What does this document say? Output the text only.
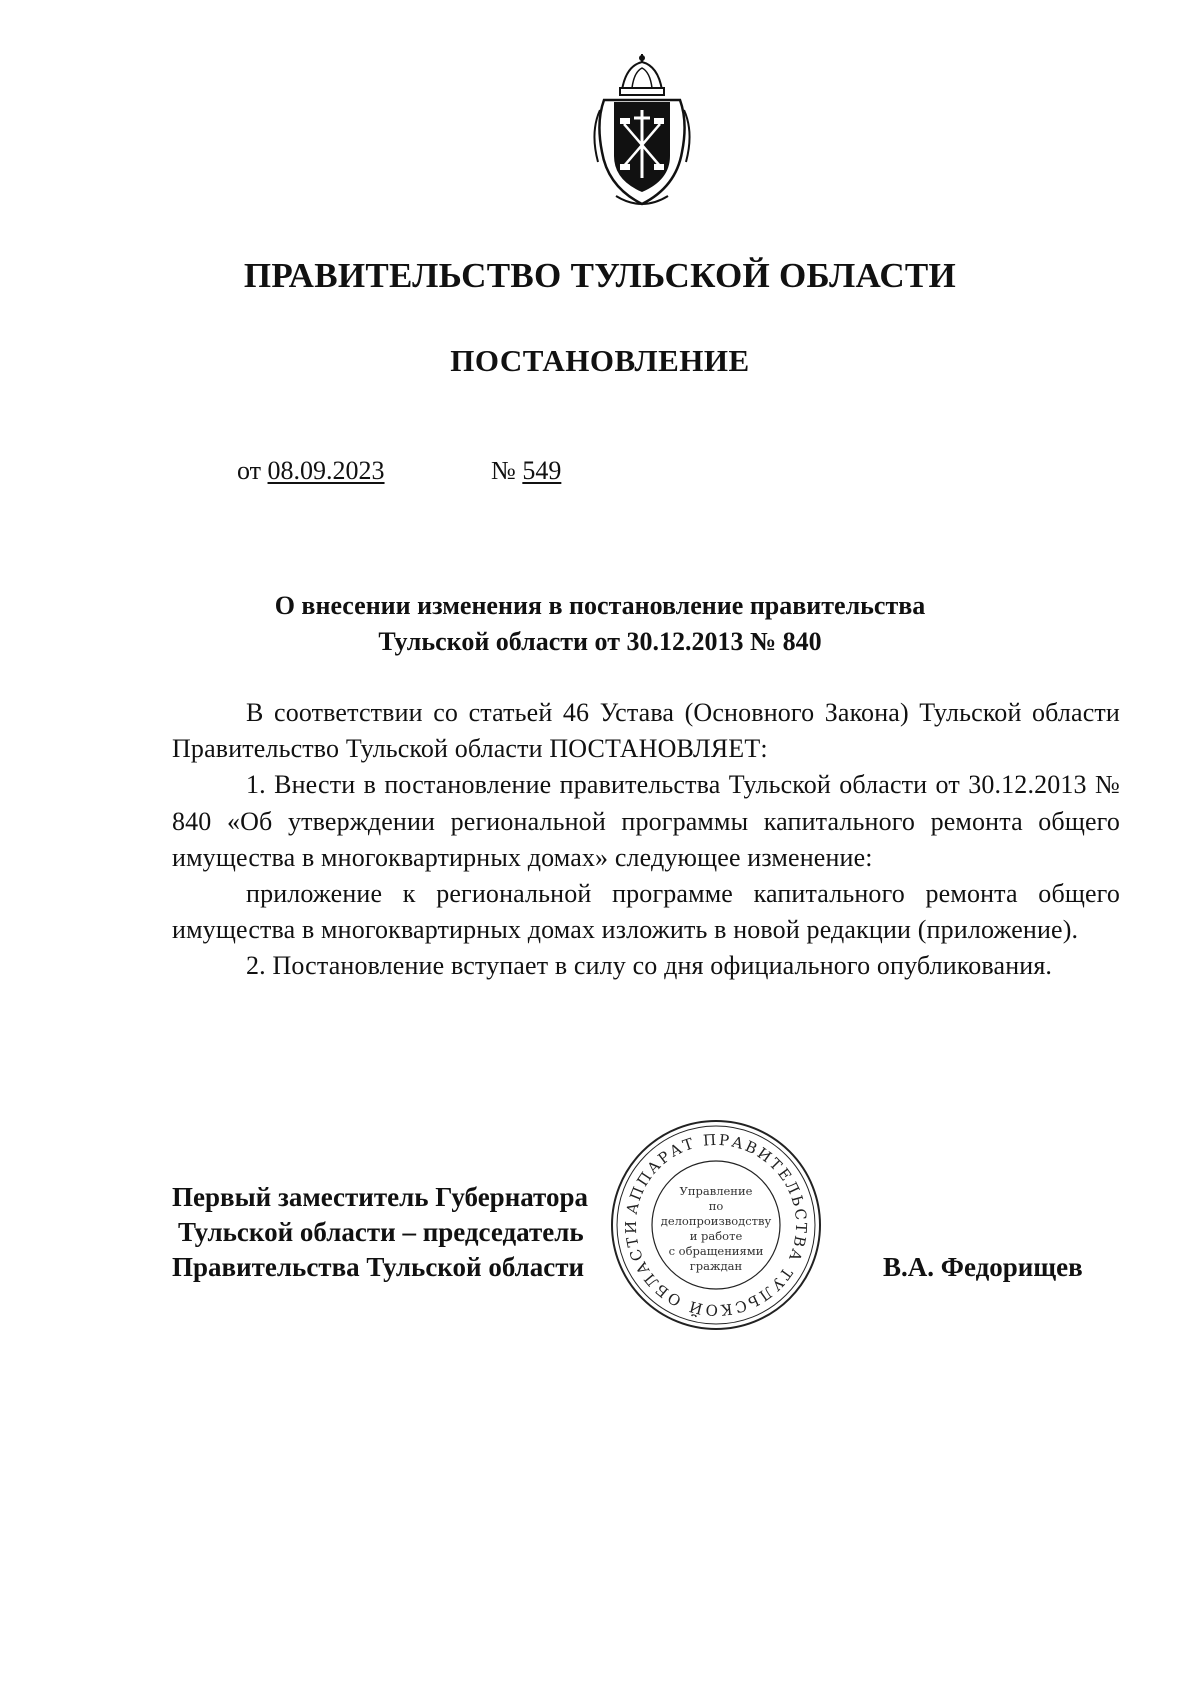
ПРАВИТЕЛЬСТВО ТУЛЬСКОЙ ОБЛАСТИ
ПОСТАНОВЛЕНИЕ
от 08.09.2023	№ 549
О внесении изменения в постановление правительства
Тульской области от 30.12.2013 № 840

В соответствии со статьей 46 Устава (Основного Закона) Тульской области Правительство Тульской области ПОСТАНОВЛЯЕТ:

1. Внести в постановление правительства Тульской области от 30.12.2013 № 840 «Об утверждении региональной программы капитального ремонта общего имущества в многоквартирных домах» следующее изменение:

приложение к региональной программе капитального ремонта общего имущества в многоквартирных домах изложить в новой редакции (приложение).

2. Постановление вступает в силу со дня официального опубликования.

Первый заместитель Губернатора
Тульской области – председатель
Правительства Тульской области
АППАРАТ ПРАВИТЕЛЬСТВА ТУЛЬСКОЙ ОБЛАСТИ
Управление
по делопроизводству
и работе
с обращениями
граждан	В.А. Федорищев
